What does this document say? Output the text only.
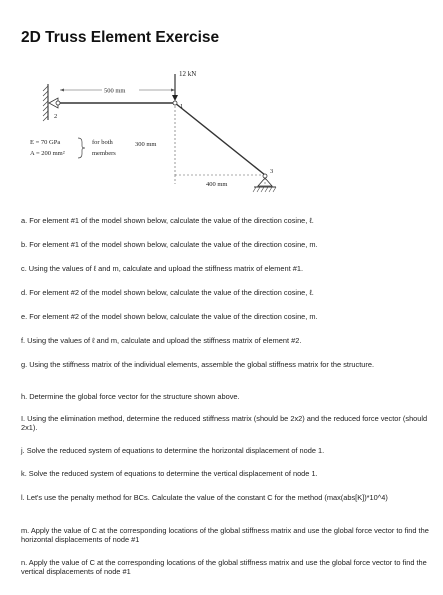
2D Truss Element Exercise
12 kN
500 mm
1
2
3
300 mm
400 mm
E = 70 GPa
A = 200 mm²
for both
members
a. For element #1 of the model shown below, calculate the value of the direction cosine, ℓ.
b. For element #1 of the model shown below, calculate the value of the direction cosine, m.
c. Using the values of ℓ and m, calculate and upload the stiffness matrix of element #1.
d. For element #2 of the model shown below, calculate the value of the direction cosine, ℓ.
e. For element #2 of the model shown below, calculate the value of the direction cosine, m.
f. Using the values of ℓ and m, calculate and upload the stiffness matrix of element #2.
g. Using the stiffness matrix of the individual elements, assemble the global stiffness matrix for the structure.
h. Determine the global force vector for the structure shown above.
I. Using the elimination method, determine the reduced stiffness matrix (should be 2x2) and the reduced force vector (should 2x1).
j. Solve the reduced system of equations to determine the horizontal displacement of node 1.
k. Solve the reduced system of equations to determine the vertical displacement of node 1.
l. Let's use the penalty method for BCs. Calculate the value of the constant C for the method (max(abs[K])*10^4)
m. Apply the value of C at the corresponding locations of the global stiffness matrix and use the global force vector to find the horizontal displacements of node #1
n. Apply the value of C at the corresponding locations of the global stiffness matrix and use the global force vector to find the vertical displacements of node #1
